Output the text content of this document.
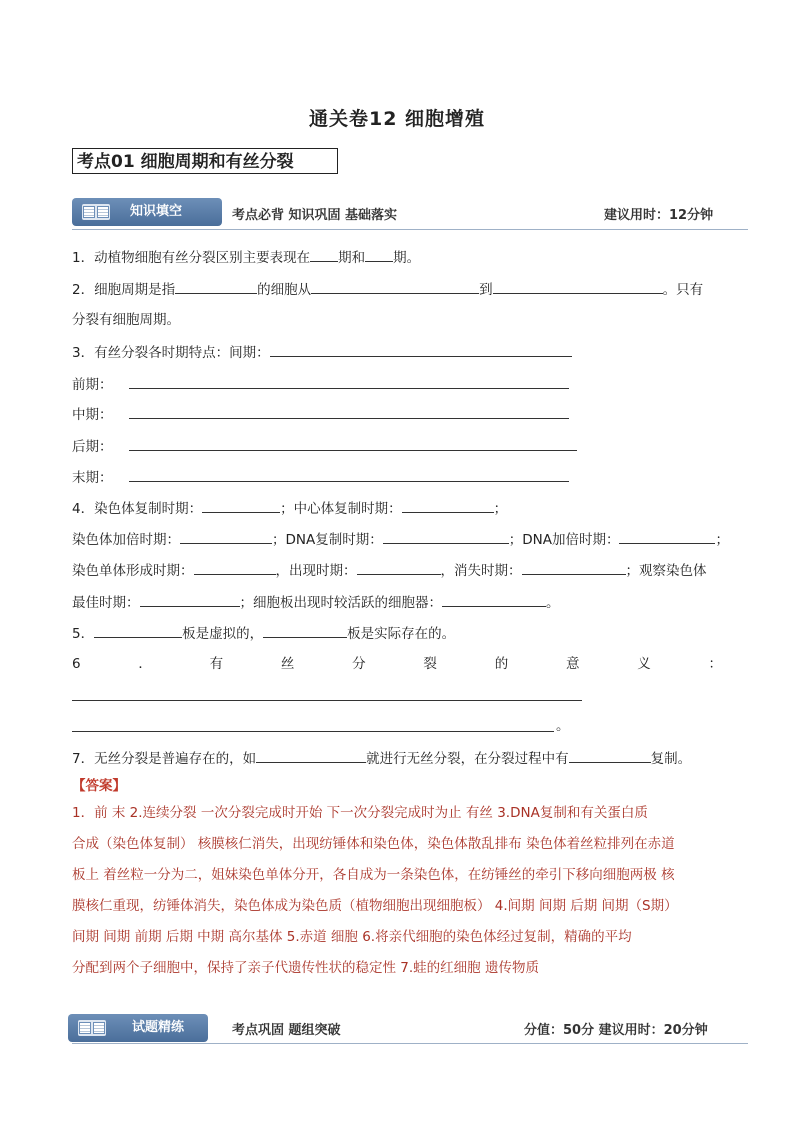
通关卷12 细胞增殖
考点01 细胞周期和有丝分裂
知识填空	考点必背 知识巩固 基础落实	建议用时：12分钟
1．动植物细胞有丝分裂区别主要表现在 期和 期。
2．细胞周期是指	的细胞从	到	。只有
分裂有细胞周期。
3．有丝分裂各时期特点：间期：
前期：
中期：
后期：
末期：
4．染色体复制时期：	；中心体复制时期：	；
染色体加倍时期：	；DNA复制时期：	；DNA加倍时期：	；
染色单体形成时期：	，出现时期：	，消失时期：	；观察染色体
最佳时期：	；细胞板出现时较活跃的细胞器：	。
5．	板是虚拟的，	板是实际存在的。
6	．	有	丝	分	裂	的	意	义	：
。
7．无丝分裂是普遍存在的，如	就进行无丝分裂，在分裂过程中有	复制。
【答案】
1．前 末 2.连续分裂 一次分裂完成时开始 下一次分裂完成时为止 有丝 3.DNA复制和有关蛋白质
合成（染色体复制） 核膜核仁消失，出现纺锤体和染色体，染色体散乱排布 染色体着丝粒排列在赤道
板上 着丝粒一分为二，姐妹染色单体分开，各自成为一条染色体，在纺锤丝的牵引下移向细胞两极 核
膜核仁重现，纺锤体消失，染色体成为染色质（植物细胞出现细胞板） 4.间期 间期 后期 间期（S期）
间期 间期 前期 后期 中期 高尔基体 5.赤道 细胞 6.将亲代细胞的染色体经过复制，精确的平均
分配到两个子细胞中，保持了亲子代遗传性状的稳定性 7.蛙的红细胞 遗传物质
试题精练	考点巩固 题组突破	分值：50分 建议用时：20分钟
